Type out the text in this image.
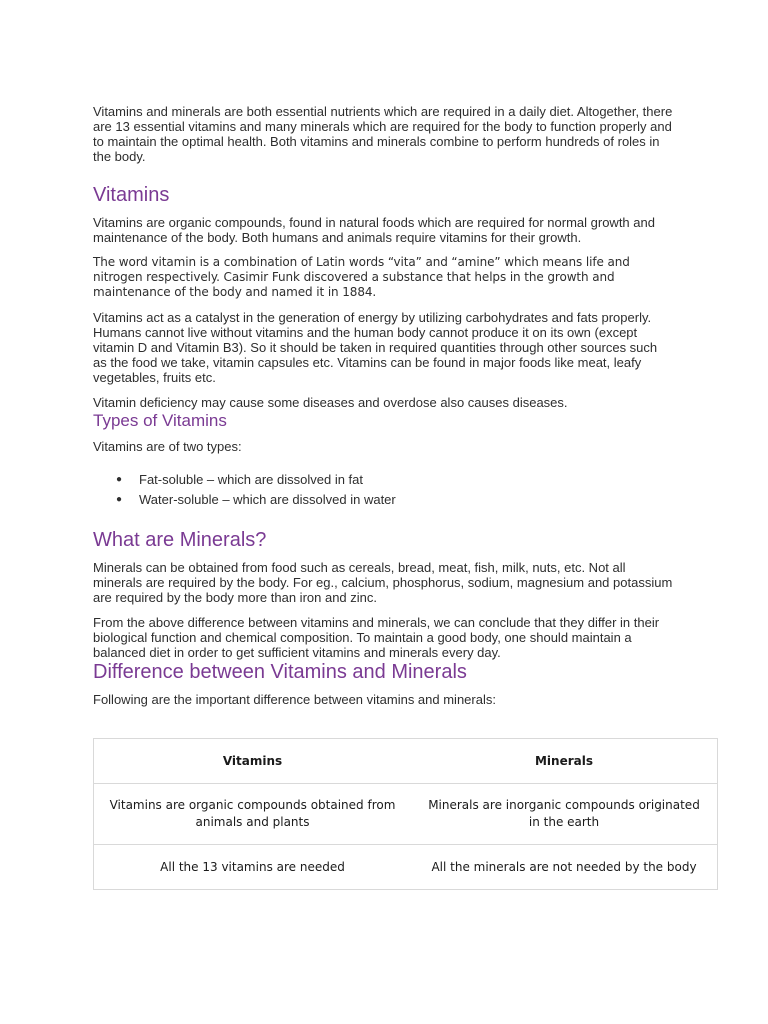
Vitamins and minerals are both essential nutrients which are required in a daily diet. Altogether, there are 13 essential vitamins and many minerals which are required for the body to function properly and to maintain the optimal health. Both vitamins and minerals combine to perform hundreds of roles in the body.

Vitamins

Vitamins are organic compounds, found in natural foods which are required for normal growth and maintenance of the body. Both humans and animals require vitamins for their growth.

The word vitamin is a combination of Latin words “vita” and “amine” which means life and nitrogen respectively. Casimir Funk discovered a substance that helps in the growth and maintenance of the body and named it in 1884.

Vitamins act as a catalyst in the generation of energy by utilizing carbohydrates and fats properly. Humans cannot live without vitamins and the human body cannot produce it on its own (except vitamin D and Vitamin B3). So it should be taken in required quantities through other sources such as the food we take, vitamin capsules etc. Vitamins can be found in major foods like meat, leafy vegetables, fruits etc.

Vitamin deficiency may cause some diseases and overdose also causes diseases.

Types of Vitamins

Vitamins are of two types:

● Fat-soluble – which are dissolved in fat
● Water-soluble – which are dissolved in water
What are Minerals?

Minerals can be obtained from food such as cereals, bread, meat, fish, milk, nuts, etc. Not all minerals are required by the body. For eg., calcium, phosphorus, sodium, magnesium and potassium are required by the body more than iron and zinc.

From the above difference between vitamins and minerals, we can conclude that they differ in their biological function and chemical composition. To maintain a good body, one should maintain a balanced diet in order to get sufficient vitamins and minerals every day.

Difference between Vitamins and Minerals

Following are the important difference between vitamins and minerals:

Vitamins	Minerals
Vitamins are organic compounds obtained from animals and plants	Minerals are inorganic compounds originated in the earth
All the 13 vitamins are needed	All the minerals are not needed by the body
